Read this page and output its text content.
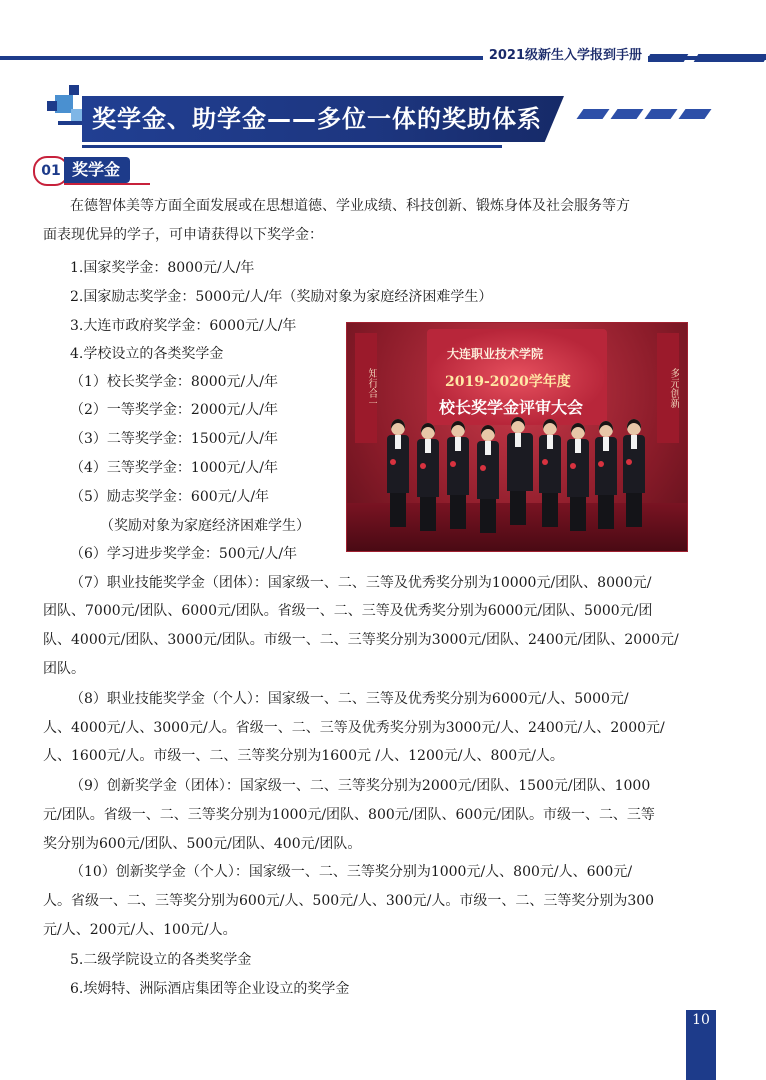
2021级新生入学报到手册
奖学金、助学金——多位一体的奖助体系
01 奖学金
在德智体美等方面全面发展或在思想道德、学业成绩、科技创新、锻炼身体及社会服务等方
面表现优异的学子，可申请获得以下奖学金：
1.国家奖学金：8000元/人/年
2.国家励志奖学金：5000元/人/年（奖励对象为家庭经济困难学生）
3.大连市政府奖学金：6000元/人/年
4.学校设立的各类奖学金
（1）校长奖学金：8000元/人/年
（2）一等奖学金：2000元/人/年
（3）二等奖学金：1500元/人/年
（4）三等奖学金：1000元/人/年
（5）励志奖学金：600元/人/年
（奖励对象为家庭经济困难学生）
（6）学习进步奖学金：500元/人/年
（7）职业技能奖学金（团体）：国家级一、二、三等及优秀奖分别为10000元/团队、8000元/
团队、7000元/团队、6000元/团队。省级一、二、三等及优秀奖分别为6000元/团队、5000元/团
队、4000元/团队、3000元/团队。市级一、二、三等奖分别为3000元/团队、2400元/团队、2000元/
团队。
（8）职业技能奖学金（个人）：国家级一、二、三等及优秀奖分别为6000元/人、5000元/
人、4000元/人、3000元/人。省级一、二、三等及优秀奖分别为3000元/人、2400元/人、2000元/
人、1600元/人。市级一、二、三等奖分别为1600元 /人、1200元/人、800元/人。
（9）创新奖学金（团体）：国家级一、二、三等奖分别为2000元/团队、1500元/团队、1000
元/团队。省级一、二、三等奖分别为1000元/团队、800元/团队、600元/团队。市级一、二、三等
奖分别为600元/团队、500元/团队、400元/团队。
（10）创新奖学金（个人）：国家级一、二、三等奖分别为1000元/人、800元/人、600元/
人。省级一、二、三等奖分别为600元/人、500元/人、300元/人。市级一、二、三等奖分别为300
元/人、200元/人、100元/人。
5.二级学院设立的各类奖学金
6.埃姆特、洲际酒店集团等企业设立的奖学金
大连职业技术学院
2019-2020学年度
校长奖学金评审大会
知行合一	多元创新
10
